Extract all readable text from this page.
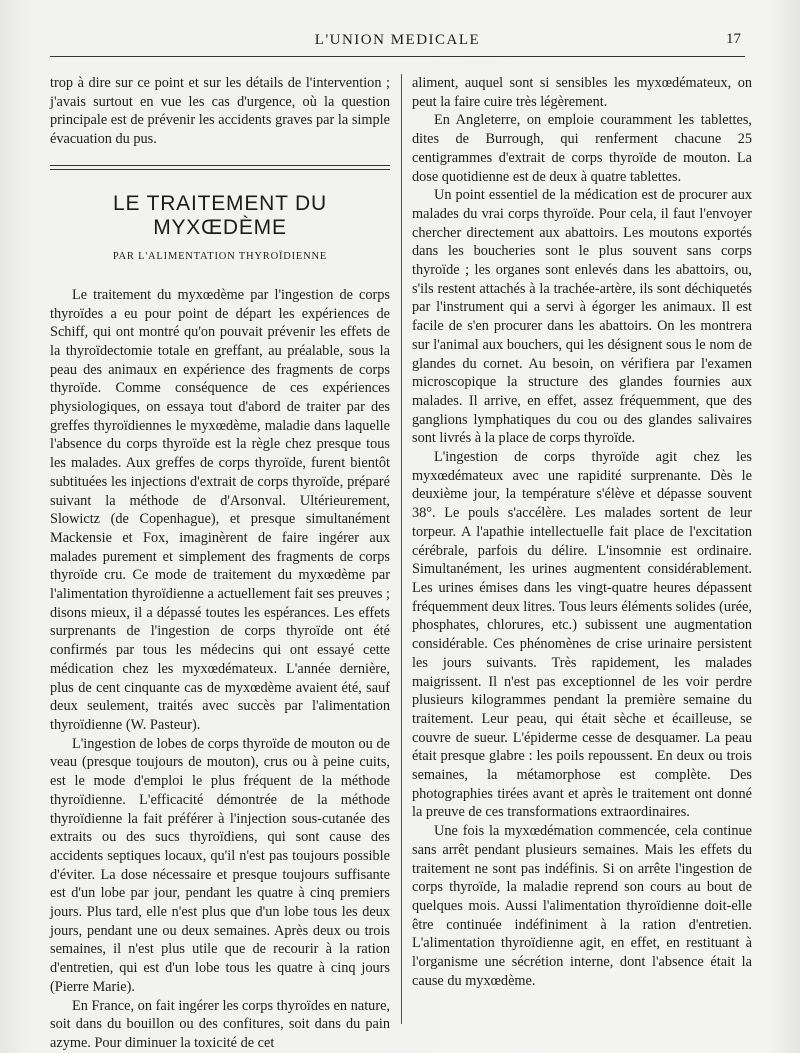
L'UNION MEDICALE	17

trop à dire sur ce point et sur les détails de l'intervention ; j'avais surtout en vue les cas d'urgence, où la question principale est de prévenir les accidents graves par la simple évacuation du pus.

LE TRAITEMENT DU MYXŒDÈME
PAR L'ALIMENTATION THYROÏDIENNE

Le traitement du myxœdème par l'ingestion de corps thyroïdes a eu pour point de départ les expériences de Schiff, qui ont montré qu'on pouvait prévenir les effets de la thyroïdectomie totale en greffant, au préalable, sous la peau des animaux en expérience des fragments de corps thyroïde. Comme conséquence de ces expériences physiologiques, on essaya tout d'abord de traiter par des greffes thyroïdiennes le myxœdème, maladie dans laquelle l'absence du corps thyroïde est la règle chez presque tous les malades. Aux greffes de corps thyroïde, furent bientôt subtituées les injections d'extrait de corps thyroïde, préparé suivant la méthode de d'Arsonval. Ultérieurement, Slowictz (de Copenhague), et presque simultanément Mackensie et Fox, imaginèrent de faire ingérer aux malades purement et simplement des fragments de corps thyroïde cru. Ce mode de traitement du myxœdème par l'alimentation thyroïdienne a actuellement fait ses preuves ; disons mieux, il a dépassé toutes les espérances. Les effets surprenants de l'ingestion de corps thyroïde ont été confirmés par tous les médecins qui ont essayé cette médication chez les myxœdémateux. L'année dernière, plus de cent cinquante cas de myxœdème avaient été, sauf deux seulement, traités avec succès par l'alimentation thyroïdienne (W. Pasteur).

L'ingestion de lobes de corps thyroïde de mouton ou de veau (presque toujours de mouton), crus ou à peine cuits, est le mode d'emploi le plus fréquent de la méthode thyroïdienne. L'efficacité démontrée de la méthode thyroïdienne la fait préférer à l'injection sous-cutanée des extraits ou des sucs thyroïdiens, qui sont cause des accidents septiques locaux, qu'il n'est pas toujours possible d'éviter. La dose nécessaire et presque toujours suffisante est d'un lobe par jour, pendant les quatre à cinq premiers jours. Plus tard, elle n'est plus que d'un lobe tous les deux jours, pendant une ou deux semaines. Après deux ou trois semaines, il n'est plus utile que de recourir à la ration d'entretien, qui est d'un lobe tous les quatre à cinq jours (Pierre Marie).

En France, on fait ingérer les corps thyroïdes en nature, soit dans du bouillon ou des confitures, soit dans du pain azyme. Pour diminuer la toxicité de cet

aliment, auquel sont si sensibles les myxœdémateux, on peut la faire cuire très légèrement.

En Angleterre, on emploie couramment les tablettes, dites de Burrough, qui renferment chacune 25 centigrammes d'extrait de corps thyroïde de mouton. La dose quotidienne est de deux à quatre tablettes.

Un point essentiel de la médication est de procurer aux malades du vrai corps thyroïde. Pour cela, il faut l'envoyer chercher directement aux abattoirs. Les moutons exportés dans les boucheries sont le plus souvent sans corps thyroïde ; les organes sont enlevés dans les abattoirs, ou, s'ils restent attachés à la trachée-artère, ils sont déchiquetés par l'instrument qui a servi à égorger les animaux. Il est facile de s'en procurer dans les abattoirs. On les montrera sur l'animal aux bouchers, qui les désignent sous le nom de glandes du cornet. Au besoin, on vérifiera par l'examen microscopique la structure des glandes fournies aux malades. Il arrive, en effet, assez fréquemment, que des ganglions lymphatiques du cou ou des glandes salivaires sont livrés à la place de corps thyroïde.

L'ingestion de corps thyroïde agit chez les myxœdémateux avec une rapidité surprenante. Dès le deuxième jour, la température s'élève et dépasse souvent 38°. Le pouls s'accélère. Les malades sortent de leur torpeur. A l'apathie intellectuelle fait place de l'excitation cérébrale, parfois du délire. L'insomnie est ordinaire. Simultanément, les urines augmentent considérablement. Les urines émises dans les vingt-quatre heures dépassent fréquemment deux litres. Tous leurs éléments solides (urée, phosphates, chlorures, etc.) subissent une augmentation considérable. Ces phénomènes de crise urinaire persistent les jours suivants. Très rapidement, les malades maigrissent. Il n'est pas exceptionnel de les voir perdre plusieurs kilogrammes pendant la première semaine du traitement. Leur peau, qui était sèche et écailleuse, se couvre de sueur. L'épiderme cesse de desquamer. La peau était presque glabre : les poils repoussent. En deux ou trois semaines, la métamorphose est complète. Des photographies tirées avant et après le traitement ont donné la preuve de ces transformations extraordinaires.

Une fois la myxœdémation commencée, cela continue sans arrêt pendant plusieurs semaines. Mais les effets du traitement ne sont pas indéfinis. Si on arrête l'ingestion de corps thyroïde, la maladie reprend son cours au bout de quelques mois. Aussi l'alimentation thyroïdienne doit-elle être continuée indéfiniment à la ration d'entretien. L'alimentation thyroïdienne agit, en effet, en restituant à l'organisme une sécrétion interne, dont l'absence était la cause du myxœdème.
